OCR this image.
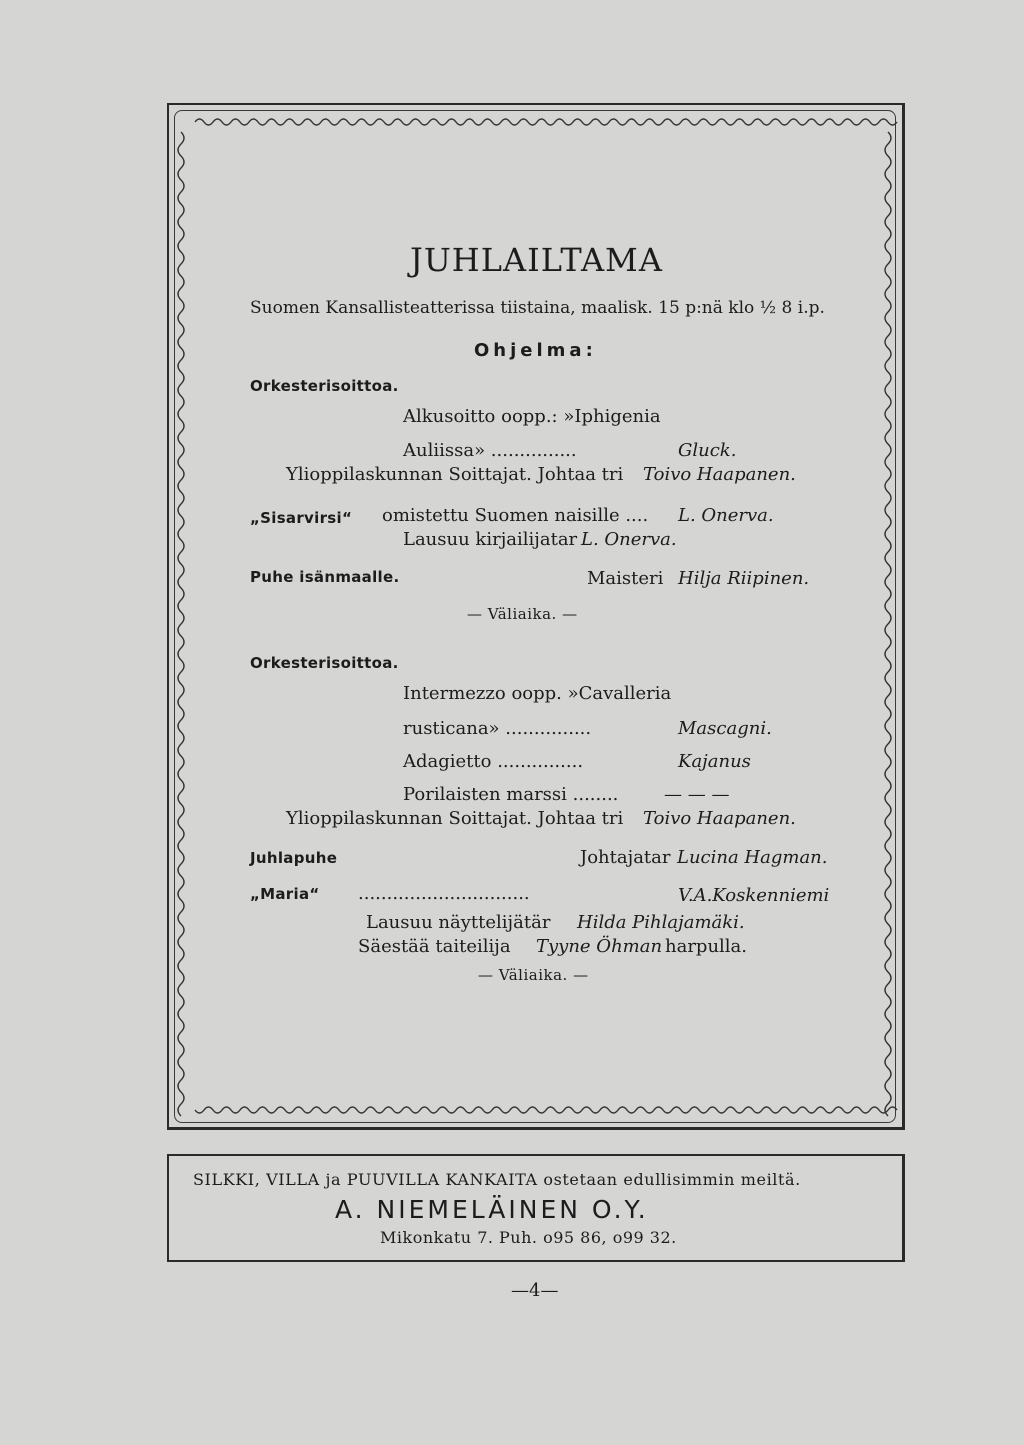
JUHLAILTAMA
Suomen Kansallisteatterissa tiistaina, maalisk. 15 p:nä klo ½ 8 i.p.
Ohjelma:
Orkesterisoittoa.
Alkusoitto oopp.: »Iphigenia
Auliissa» ...............	Gluck.
Ylioppilaskunnan Soittajat. Johtaa tri Toivo Haapanen.
„Sisarvirsi“ omistettu Suomen naisille .... L. Onerva.
Lausuu kirjailijatar L. Onerva.
Puhe isänmaalle.	Maisteri Hilja Riipinen.
— Väliaika. —
Orkesterisoittoa.
Intermezzo oopp. »Cavalleria
rusticana» ...............	Mascagni.
Adagietto ...............	Kajanus
Porilaisten marssi ........	— — —
Ylioppilaskunnan Soittajat. Johtaa tri Toivo Haapanen.
Juhlapuhe	Johtajatar Lucina Hagman.
„Maria“ ..............................	V.A.Koskenniemi
Lausuu näyttelijätär Hilda Pihlajamäki.
Säestää taiteilija Tyyne Öhman harpulla.
— Väliaika. —
SILKKI, VILLA ja PUUVILLA KANKAITA ostetaan edullisimmin meiltä.
A. NIEMELÄINEN O.Y.
Mikonkatu 7. Puh. o95 86, o99 32.
—4—
